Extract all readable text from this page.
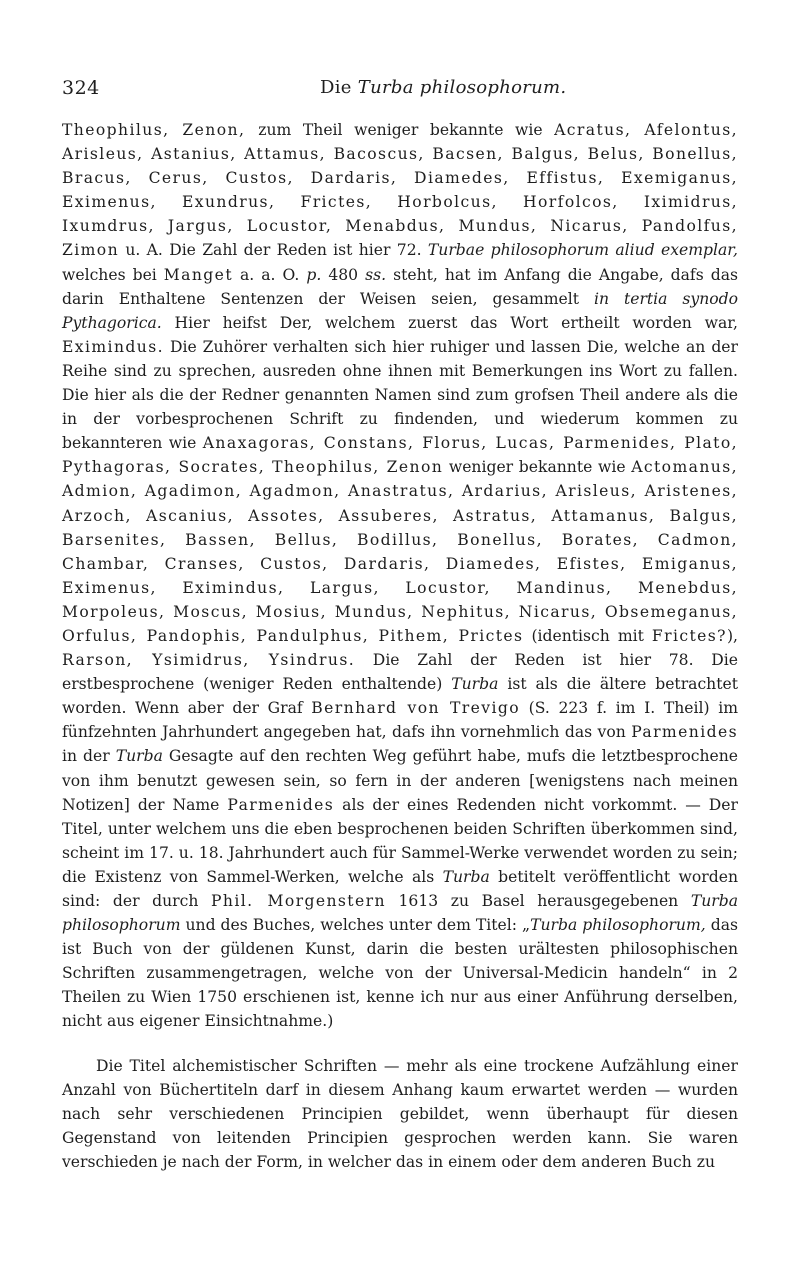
324	Die Turba philosophorum.

Theophilus, Zenon, zum Theil weniger bekannte wie Acratus, Afelontus, Arisleus, Astanius, Attamus, Bacoscus, Bacsen, Balgus, Belus, Bonellus, Bracus, Cerus, Custos, Dardaris, Diamedes, Effistus, Exemiganus, Eximenus, Exundrus, Frictes, Horbolcus, Horfolcos, Iximidrus, Ixumdrus, Jargus, Locustor, Menabdus, Mundus, Nicarus, Pandolfus, Zimon u. A. Die Zahl der Reden ist hier 72. Turbae philosophorum aliud exemplar, welches bei Manget a. a. O. p. 480 ss. steht, hat im Anfang die Angabe, dafs das darin Enthaltene Sentenzen der Weisen seien, gesammelt in tertia synodo Pythagorica. Hier heifst Der, welchem zuerst das Wort ertheilt worden war, Eximindus. Die Zuhörer verhalten sich hier ruhiger und lassen Die, welche an der Reihe sind zu sprechen, ausreden ohne ihnen mit Bemerkungen ins Wort zu fallen. Die hier als die der Redner genannten Namen sind zum grofsen Theil andere als die in der vorbesprochenen Schrift zu findenden, und wiederum kommen zu bekannteren wie Anaxagoras, Constans, Florus, Lucas, Parmenides, Plato, Pythagoras, Socrates, Theophilus, Zenon weniger bekannte wie Actomanus, Admion, Agadimon, Agadmon, Anastratus, Ardarius, Arisleus, Aristenes, Arzoch, Ascanius, Assotes, Assuberes, Astratus, Attamanus, Balgus, Barsenites, Bassen, Bellus, Bodillus, Bonellus, Borates, Cadmon, Chambar, Cranses, Custos, Dardaris, Diamedes, Efistes, Emiganus, Eximenus, Eximindus, Largus, Locustor, Mandinus, Menebdus, Morpoleus, Moscus, Mosius, Mundus, Nephitus, Nicarus, Obsemeganus, Orfulus, Pandophis, Pandulphus, Pithem, Prictes (identisch mit Frictes?), Rarson, Ysimidrus, Ysindrus. Die Zahl der Reden ist hier 78. Die erstbesprochene (weniger Reden enthaltende) Turba ist als die ältere betrachtet worden. Wenn aber der Graf Bernhard von Trevigo (S. 223 f. im I. Theil) im fünfzehnten Jahrhundert angegeben hat, dafs ihn vornehmlich das von Parmenides in der Turba Gesagte auf den rechten Weg geführt habe, mufs die letztbesprochene von ihm benutzt gewesen sein, so fern in der anderen [wenigstens nach meinen Notizen] der Name Parmenides als der eines Redenden nicht vorkommt. — Der Titel, unter welchem uns die eben besprochenen beiden Schriften überkommen sind, scheint im 17. u. 18. Jahrhundert auch für Sammel-Werke verwendet worden zu sein; die Existenz von Sammel-Werken, welche als Turba betitelt veröffentlicht worden sind: der durch Phil. Morgenstern 1613 zu Basel herausgegebenen Turba philosophorum und des Buches, welches unter dem Titel: „Turba philosophorum, das ist Buch von der güldenen Kunst, darin die besten urältesten philosophischen Schriften zusammengetragen, welche von der Universal-Medicin handeln“ in 2 Theilen zu Wien 1750 erschienen ist, kenne ich nur aus einer Anführung derselben, nicht aus eigener Einsichtnahme.)

Die Titel alchemistischer Schriften — mehr als eine trockene Aufzählung einer Anzahl von Büchertiteln darf in diesem Anhang kaum erwartet werden — wurden nach sehr verschiedenen Principien gebildet, wenn überhaupt für diesen Gegenstand von leitenden Principien gesprochen werden kann. Sie waren verschieden je nach der Form, in welcher das in einem oder dem anderen Buch zu
